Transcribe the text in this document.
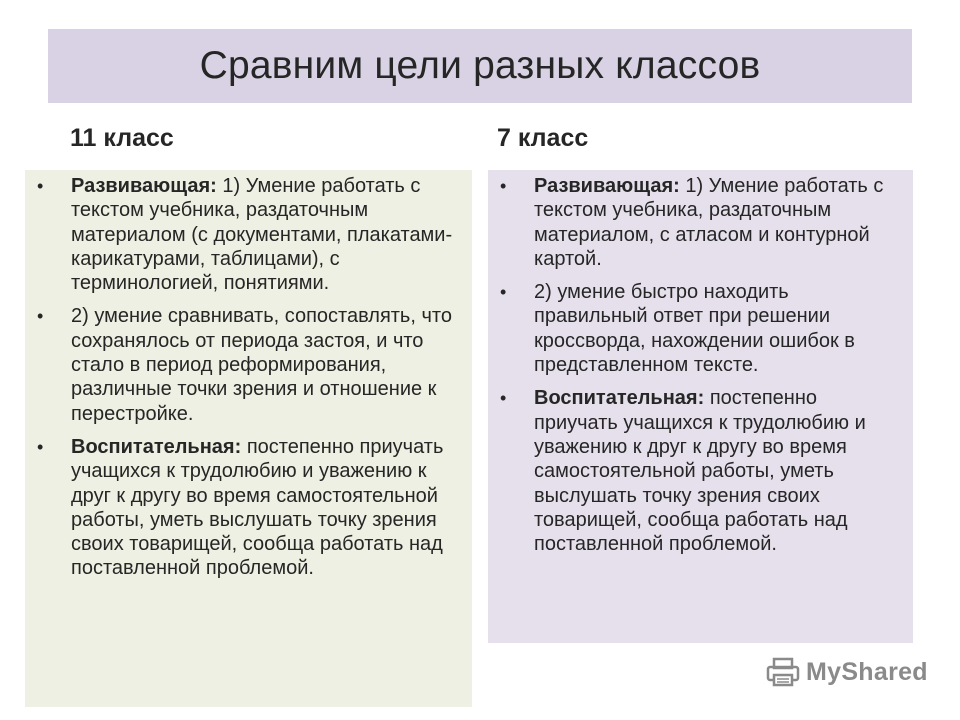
Сравним цели разных классов
11 класс	7 класс
•	Развивающая: 1) Умение работать с текстом учебника, раздаточным материалом (с документами, плакатами-карикатурами, таблицами), с терминологией, понятиями.
•	2) умение сравнивать, сопоставлять, что сохранялось от периода застоя, и что стало в период реформирования, различные точки зрения и отношение к перестройке.
•	Воспитательная: постепенно приучать учащихся к трудолюбию и уважению к друг к другу во время самостоятельной работы, уметь выслушать точку зрения своих товарищей, сообща работать над поставленной проблемой.
•	Развивающая: 1) Умение работать с текстом учебника, раздаточным материалом, с атласом и контурной картой.
•	2) умение быстро находить правильный ответ при решении кроссворда, нахождении ошибок в представленном тексте.
•	Воспитательная: постепенно приучать учащихся к трудолюбию и уважению к друг к другу во время самостоятельной работы, уметь выслушать точку зрения своих товарищей, сообща работать над поставленной проблемой.
MyShared
